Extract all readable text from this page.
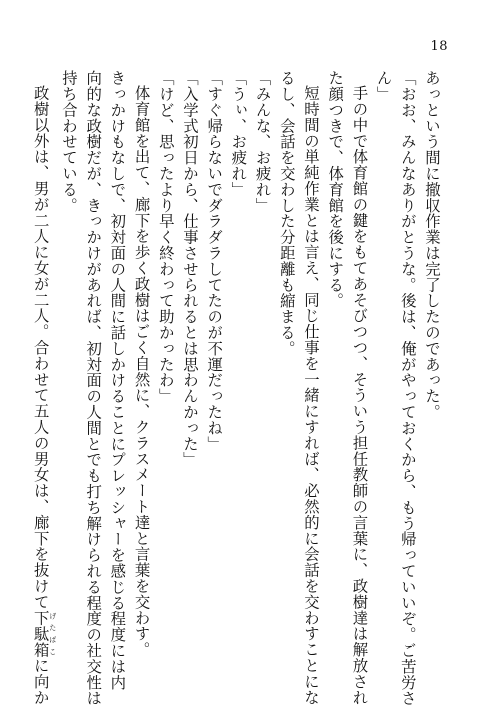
18

あっという間に撤収作業は完了したのであった。

「おお、みんなありがとうな。後は、俺がやっておくから、もう帰っていいぞ。ご苦労さ
ん」

手の中で体育館の鍵をもてあそびつつ、そういう担任教師の言葉に、政樹達は解放され
た顔つきで、体育館を後にする。

短時間の単純作業とは言え、同じ仕事を一緒にすれば、必然的に会話を交わすことにな
るし、会話を交わした分距離も縮まる。

「みんな、お疲れ」

「うぃ、お疲れ」

「すぐ帰らないでダラダラしてたのが不運だったね」

「入学式初日から、仕事させられるとは思わんかった」

「けど、思ったより早く終わって助かったわ」

体育館を出て、廊下を歩く政樹はごく自然に、クラスメート達と言葉を交わす。

きっかけもなしで、初対面の人間に話しかけることにプレッシャーを感じる程度には内
向的な政樹だが、きっかけがあれば、初対面の人間とでも打ち解けられる程度の社交性は
持ち合わせている。

政樹以外は、男が二人に女が二人。合わせて五人の男女は、廊下を抜けて下駄箱 げたばこに向か
